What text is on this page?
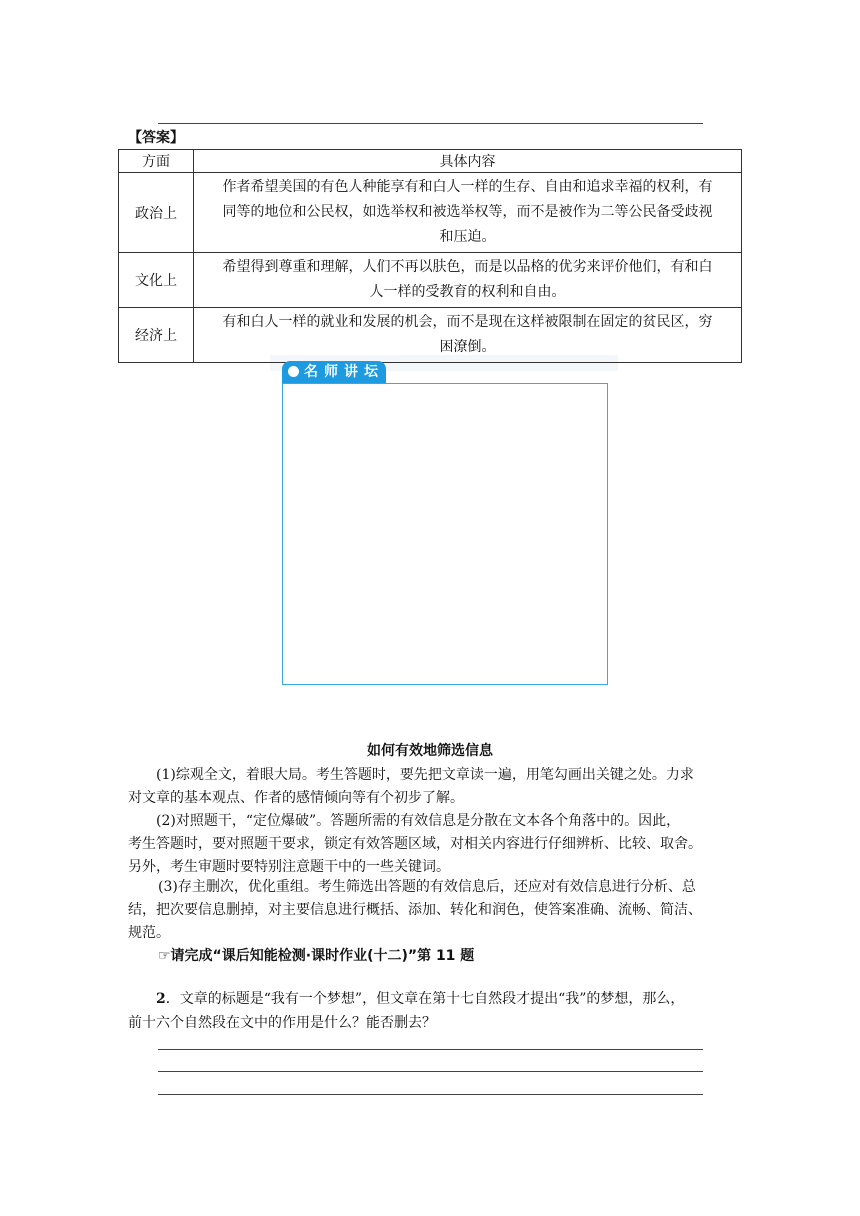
【答案】
方面	具体内容
政治上	作者希望美国的有色人种能享有和白人一样的生存、自由和追求幸福的权利，有
同等的地位和公民权，如选举权和被选举权等，而不是被作为二等公民备受歧视
和压迫。

文化上	希望得到尊重和理解，人们不再以肤色，而是以品格的优劣来评价他们，有和白
人一样的受教育的权利和自由。

经济上	有和白人一样的就业和发展的机会，而不是现在这样被限制在固定的贫民区，穷
困潦倒。
名师讲坛
如何有效地筛选信息
(1)综观全文，着眼大局。考生答题时，要先把文章读一遍，用笔勾画出关键之处。力求
对文章的基本观点、作者的感情倾向等有个初步了解。
(2)对照题干，“定位爆破”。答题所需的有效信息是分散在文本各个角落中的。因此，
考生答题时，要对照题干要求，锁定有效答题区域，对相关内容进行仔细辨析、比较、取舍。
另外，考生审题时要特别注意题干中的一些关键词。
(3)存主删次，优化重组。考生筛选出答题的有效信息后，还应对有效信息进行分析、总
结，把次要信息删掉，对主要信息进行概括、添加、转化和润色，使答案准确、流畅、简洁、
规范。
☞请完成“课后知能检测·课时作业(十二)”第 11 题
2．文章的标题是“我有一个梦想”，但文章在第十七自然段才提出“我”的梦想，那么，
前十六个自然段在文中的作用是什么？能否删去？
